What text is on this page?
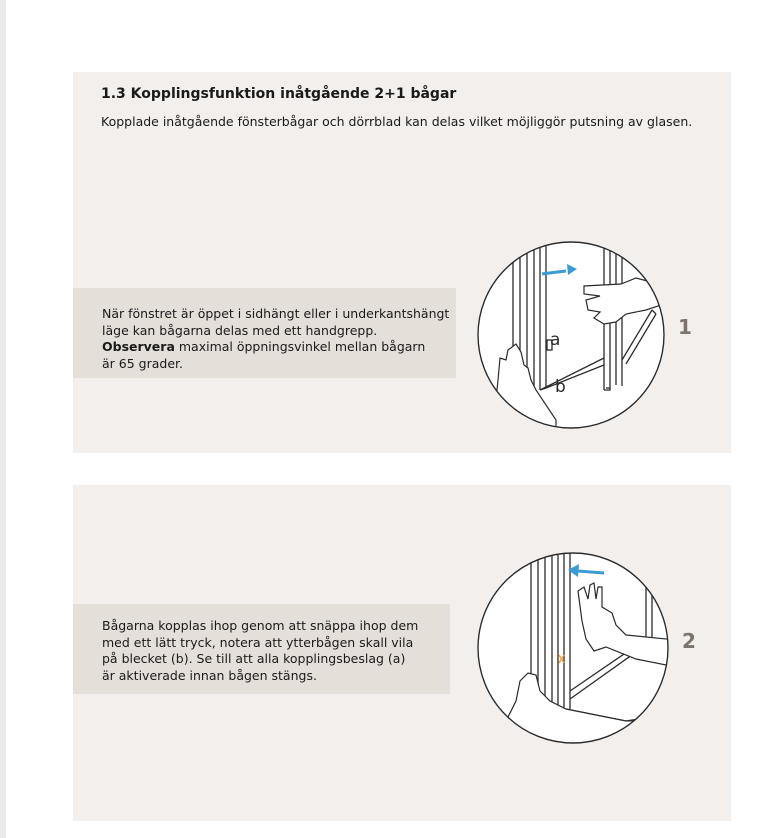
1.3 Kopplingsfunktion inåtgående 2+1 bågar

Kopplade inåtgående fönsterbågar och dörrblad kan delas vilket möjliggör putsning av glasen.

När fönstret är öppet i sidhängt eller i underkantshängt
läge kan bågarna delas med ett handgrepp.
Observera maximal öppningsvinkel mellan bågarn
är 65 grader.

a
b
1

Bågarna kopplas ihop genom att snäppa ihop dem
med ett lätt tryck, notera att ytterbågen skall vila
på blecket (b). Se till att alla kopplingsbeslag (a)
är aktiverade innan bågen stängs.

2
